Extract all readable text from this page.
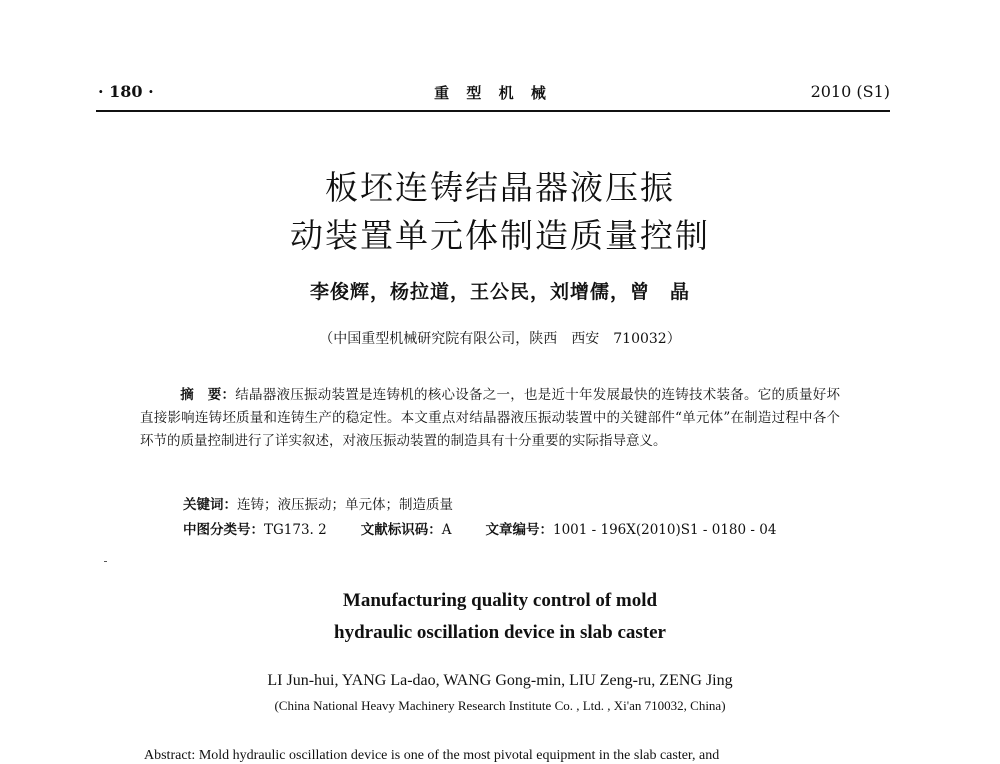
· 180 ·	重 型 机 械	2010 (S1)
板坯连铸结晶器液压振
动装置单元体制造质量控制
李俊辉，杨拉道，王公民，刘增儒，曾　晶
（中国重型机械研究院有限公司，陕西　西安　710032）
摘　要：结晶器液压振动装置是连铸机的核心设备之一，也是近十年发展最快的连铸技术装备。它的质量好坏直接影响连铸坯质量和连铸生产的稳定性。本文重点对结晶器液压振动装置中的关键部件“单元体”在制造过程中各个环节的质量控制进行了详实叙述，对液压振动装置的制造具有十分重要的实际指导意义。
关键词：连铸；液压振动；单元体；制造质量
中图分类号：TG173. 2	文献标识码：A	文章编号：1001 - 196X(2010)S1 - 0180 - 04
Manufacturing quality control of mold
hydraulic oscillation device in slab caster
LI Jun-hui, YANG La-dao, WANG Gong-min, LIU Zeng-ru, ZENG Jing
(China National Heavy Machinery Research Institute Co. , Ltd. , Xi'an 710032, China)
Abstract: Mold hydraulic oscillation device is one of the most pivotal equipment in the slab caster, and
